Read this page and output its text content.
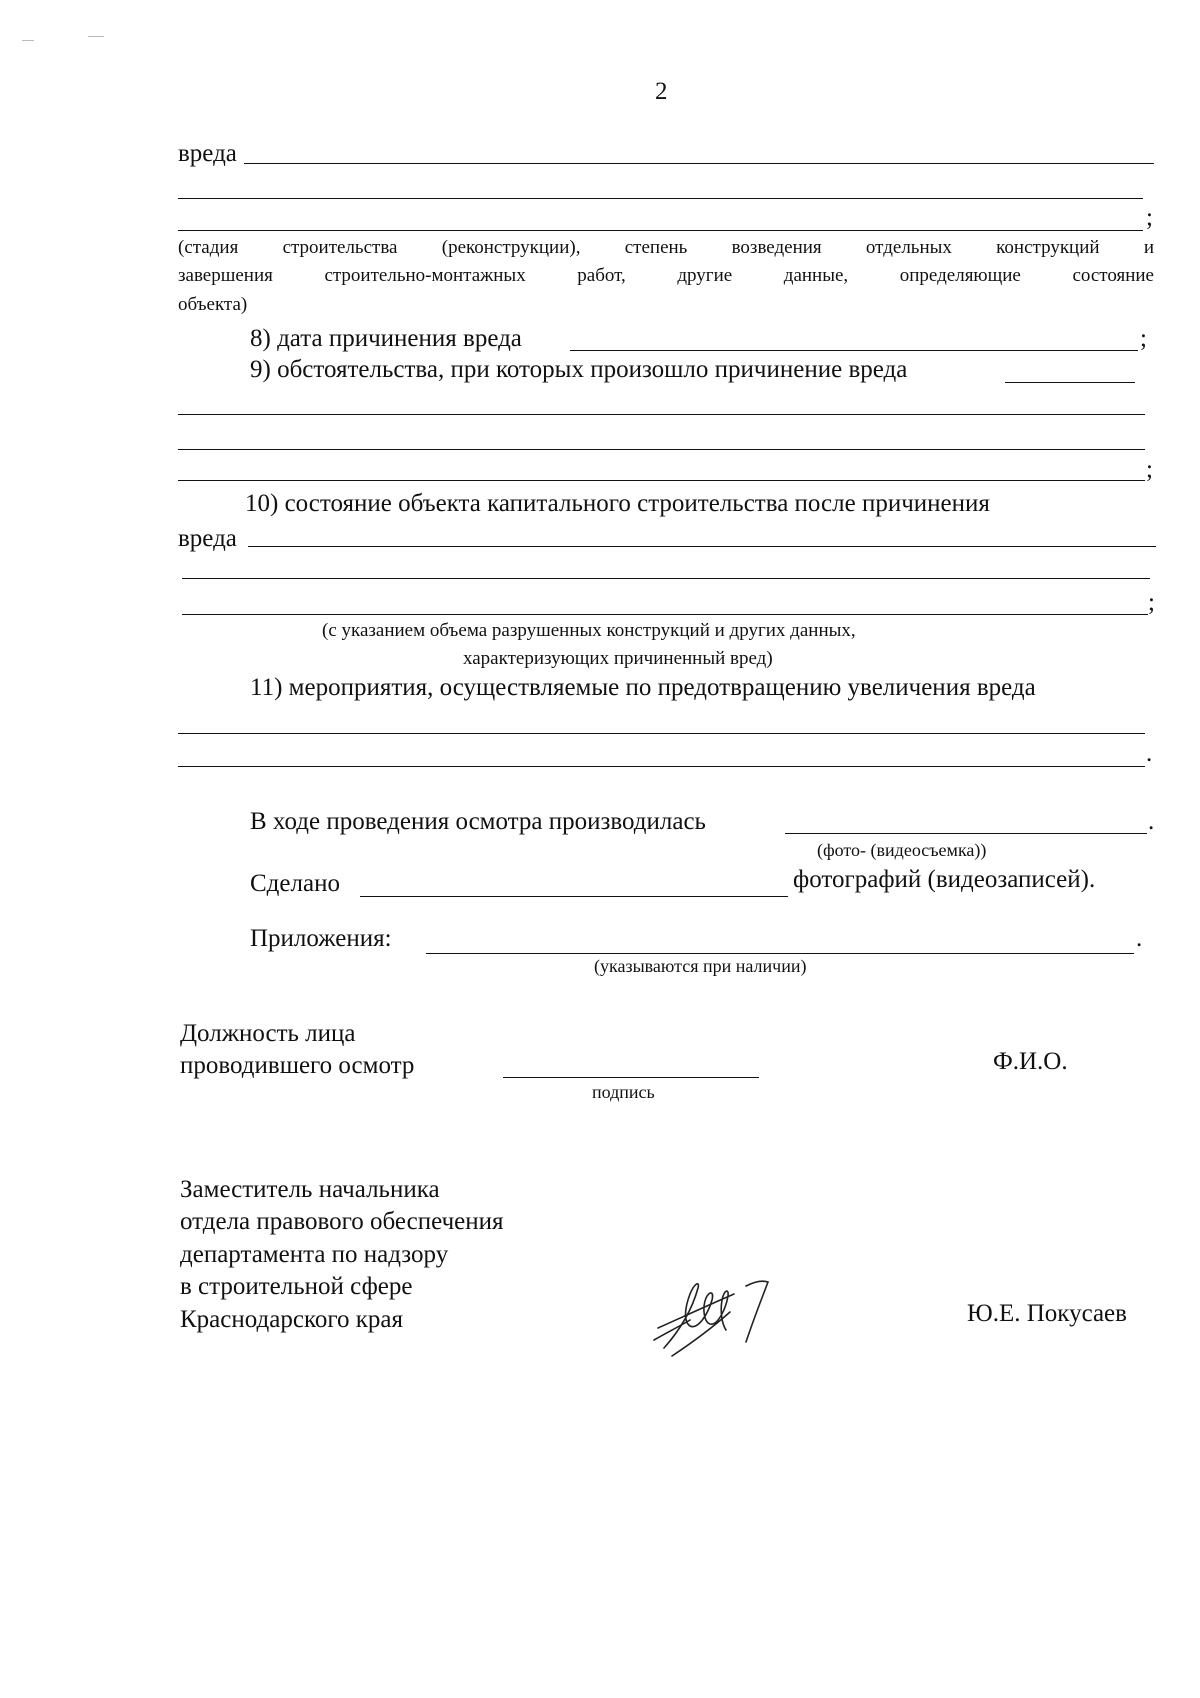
2
вреда
;
(стадия строительства (реконструкции), степень возведения отдельных конструкций и
завершения строительно-монтажных работ, другие данные, определяющие состояние
объекта)
8) дата причинения вреда	;
9) обстоятельства, при которых произошло причинение вреда
;
10) состояние объекта капитального строительства после причинения
вреда
;
(с указанием объема разрушенных конструкций и других данных,
характеризующих причиненный вред)
11) мероприятия, осуществляемые по предотвращению увеличения вреда
.
В ходе проведения осмотра производилась	.
(фото- (видеосъемка))
Сделано	фотографий (видеозаписей).
Приложения:	.
(указываются при наличии)
Должность лица
проводившего осмотр
подпись
Ф.И.О.
Заместитель начальника
отдела правового обеспечения
департамента по надзору
в строительной сфере
Краснодарского края	Ю.Е. Покусаев
